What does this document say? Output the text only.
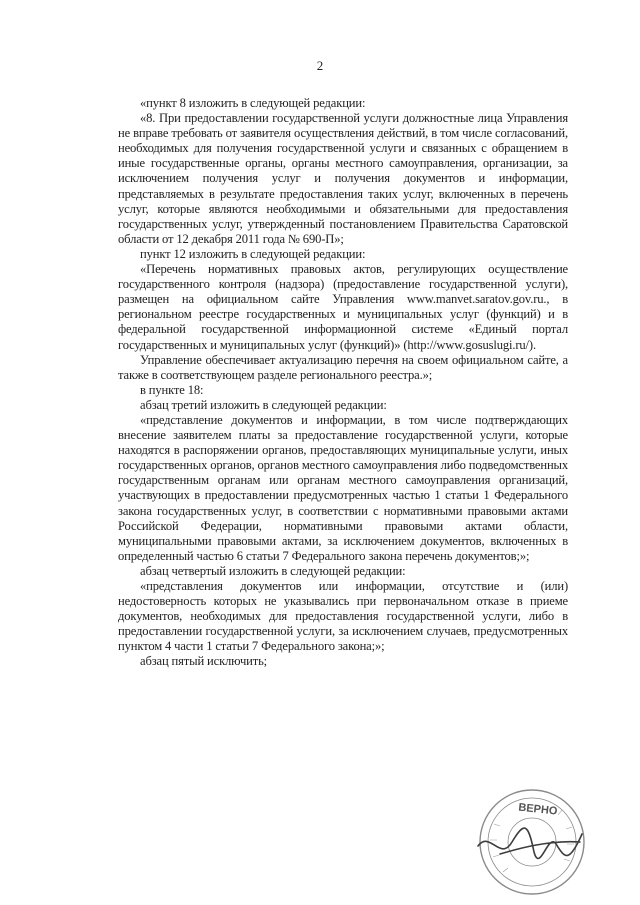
2

«пункт 8 изложить в следующей редакции:

«8. При предоставлении государственной услуги должностные лица Управления не вправе требовать от заявителя осуществления действий, в том числе согласований, необходимых для получения государственной услуги и связанных с обращением в иные государственные органы, органы местного самоуправления, организации, за исключением получения услуг и получения документов и информации, представляемых в результате предоставления таких услуг, включенных в перечень услуг, которые являются необходимыми и обязательными для предоставления государственных услуг, утвержденный постановлением Правительства Саратовской области от 12 декабря 2011 года № 690-П»;

пункт 12 изложить в следующей редакции:

«Перечень нормативных правовых актов, регулирующих осуществление государственного контроля (надзора) (предоставление государственной услуги), размещен на официальном сайте Управления www.manvet.saratov.gov.ru., в региональном реестре государственных и муниципальных услуг (функций) и в федеральной государственной информационной системе «Единый портал государственных и муниципальных услуг (функций)» (http://www.gosuslugi.ru/).

Управление обеспечивает актуализацию перечня на своем официальном сайте, а также в соответствующем разделе регионального реестра.»;

в пункте 18:

абзац третий изложить в следующей редакции:

«представление документов и информации, в том числе подтверждающих внесение заявителем платы за предоставление государственной услуги, которые находятся в распоряжении органов, предоставляющих муниципальные услуги, иных государственных органов, органов местного самоуправления либо подведомственных государственным органам или органам местного самоуправления организаций, участвующих в предоставлении предусмотренных частью 1 статьи 1 Федерального закона государственных услуг, в соответствии с нормативными правовыми актами Российской Федерации, нормативными правовыми актами области, муниципальными правовыми актами, за исключением документов, включенных в определенный частью 6 статьи 7 Федерального закона перечень документов;»;

абзац четвертый изложить в следующей редакции:

«представления документов или информации, отсутствие и (или) недостоверность которых не указывались при первоначальном отказе в приеме документов, необходимых для предоставления государственной услуги, либо в предоставлении государственной услуги, за исключением случаев, предусмотренных пунктом 4 части 1 статьи 7 Федерального закона;»;

абзац пятый исключить;

ВЕРНО
